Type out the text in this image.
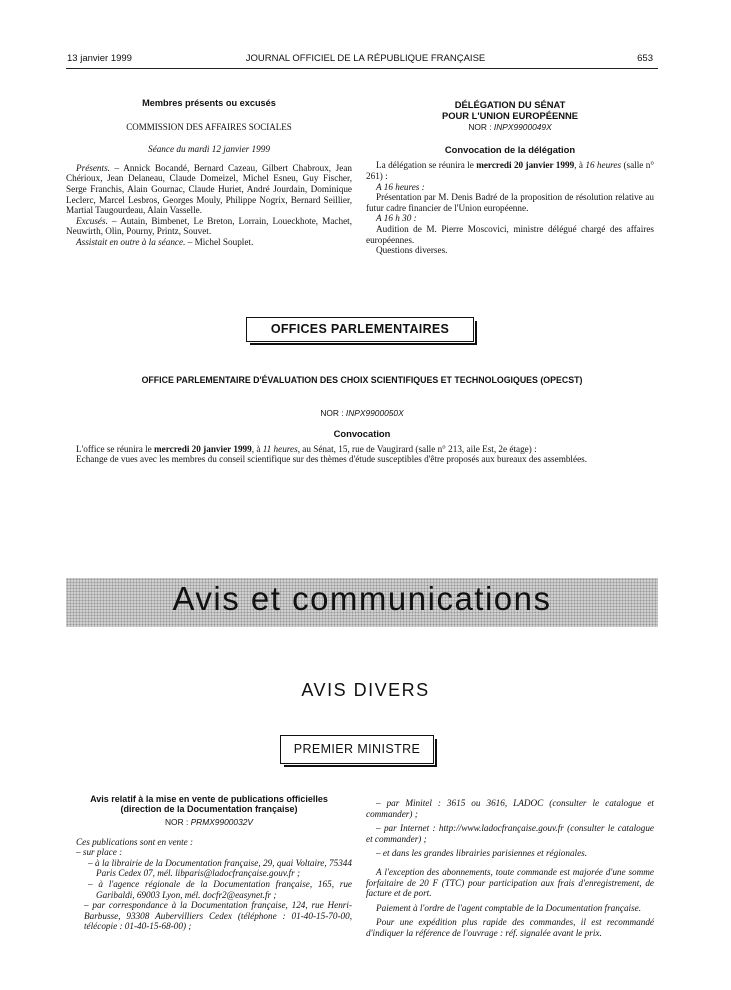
13 janvier 1999	JOURNAL OFFICIEL DE LA RÉPUBLIQUE FRANÇAISE	653
Membres présents ou excusés
COMMISSION DES AFFAIRES SOCIALES
Séance du mardi 12 janvier 1999

Présents. – Annick Bocandé, Bernard Cazeau, Gilbert Chabroux, Jean Chérioux, Jean Delaneau, Claude Domeizel, Michel Esneu, Guy Fischer, Serge Franchis, Alain Gournac, Claude Huriet, André Jourdain, Dominique Leclerc, Marcel Lesbros, Georges Mouly, Philippe Nogrix, Bernard Seillier, Martial Taugourdeau, Alain Vasselle.

Excusés. – Autain, Bimbenet, Le Breton, Lorrain, Loueckhote, Machet, Neuwirth, Olin, Pourny, Printz, Souvet.

Assistait en outre à la séance. – Michel Souplet.

DÉLÉGATION DU SÉNAT
POUR L'UNION EUROPÉENNE
NOR : INPX9900049X
Convocation de la délégation

La délégation se réunira le mercredi 20 janvier 1999, à 16 heures (salle n° 261) :

A 16 heures :

Présentation par M. Denis Badré de la proposition de résolution relative au futur cadre financier de l'Union européenne.

A 16 h 30 :

Audition de M. Pierre Moscovici, ministre délégué chargé des affaires européennes.

Questions diverses.

OFFICES PARLEMENTAIRES
OFFICE PARLEMENTAIRE D'ÉVALUATION DES CHOIX SCIENTIFIQUES ET TECHNOLOGIQUES (OPECST)
NOR : INPX9900050X
Convocation

L'office se réunira le mercredi 20 janvier 1999, à 11 heures, au Sénat, 15, rue de Vaugirard (salle n° 213, aile Est, 2e étage) :

Echange de vues avec les membres du conseil scientifique sur des thèmes d'étude susceptibles d'être proposés aux bureaux des assemblées.

Avis et communications
AVIS DIVERS
PREMIER MINISTRE
Avis relatif à la mise en vente de publications officielles
(direction de la Documentation française)
NOR : PRMX9900032V
Ces publications sont en vente :
– sur place :
– à la librairie de la Documentation française, 29, quai Voltaire, 75344 Paris Cedex 07, mél. libparis@ladocfrançaise.gouv.fr ;
– à l'agence régionale de la Documentation française, 165, rue Garibaldi, 69003 Lyon, mél. docfr2@easynet.fr ;
– par correspondance à la Documentation française, 124, rue Henri-Barbusse, 93308 Aubervilliers Cedex (téléphone : 01-40-15-70-00, télécopie : 01-40-15-68-00) ;

– par Minitel : 3615 ou 3616, LADOC (consulter le catalogue et commander) ;

– par Internet : http://www.ladocfrançaise.gouv.fr (consulter le catalogue et commander) ;

– et dans les grandes librairies parisiennes et régionales.

A l'exception des abonnements, toute commande est majorée d'une somme forfaitaire de 20 F (TTC) pour participation aux frais d'enregistrement, de facture et de port.

Paiement à l'ordre de l'agent comptable de la Documentation française.

Pour une expédition plus rapide des commandes, il est recommandé d'indiquer la référence de l'ouvrage : réf. signalée avant le prix.
